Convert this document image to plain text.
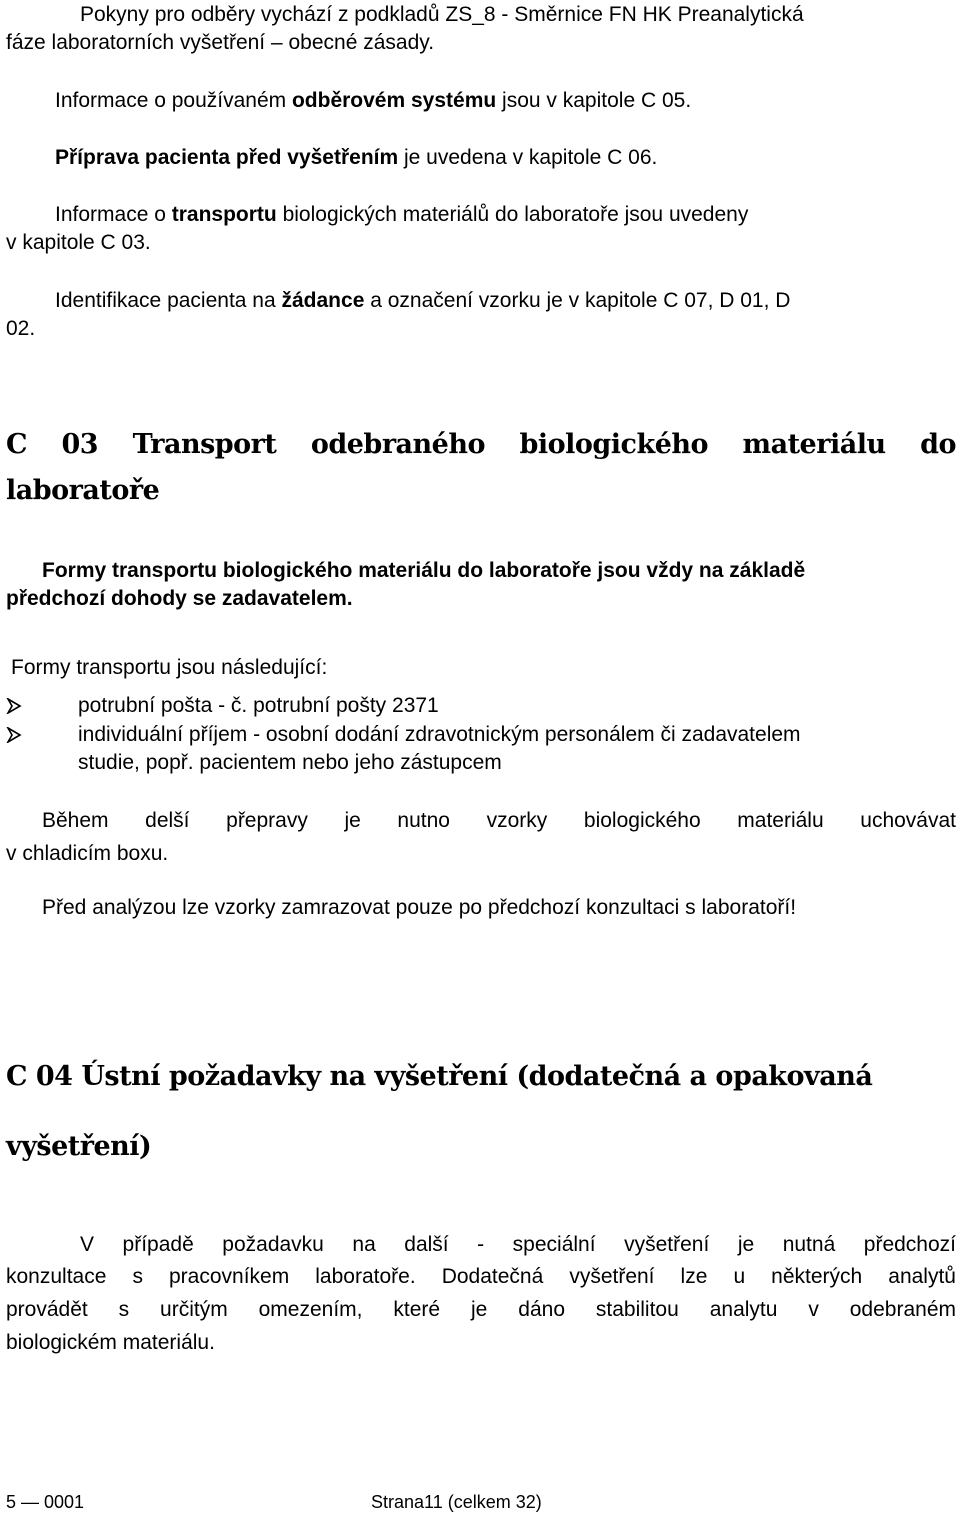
Pokyny pro odběry vychází z podkladů ZS_8 - Směrnice FN HK Preanalytická
fáze laboratorních vyšetření – obecné zásady.
Informace o používaném odběrovém systému jsou v kapitole C 05.
Příprava pacienta před vyšetřením je uvedena v kapitole C 06.
Informace o transportu biologických materiálů do laboratoře jsou uvedeny
v kapitole C 03.
Identifikace pacienta na žádance a označení vzorku je v kapitole C 07, D 01, D
02.
C 03 Transport odebraného biologického materiálu do
laboratoře
Formy transportu biologického materiálu do laboratoře jsou vždy na základě
předchozí dohody se zadavatelem.
Formy transportu jsou následující:
potrubní pošta - č. potrubní pošty 2371
individuální příjem - osobní dodání zdravotnickým personálem či zadavatelem
studie, popř. pacientem nebo jeho zástupcem
Během delší přepravy je nutno vzorky biologického materiálu uchovávat
v chladicím boxu.
Před analýzou lze vzorky zamrazovat pouze po předchozí konzultaci s laboratoří!
C 04 Ústní požadavky na vyšetření (dodatečná a opakovaná
vyšetření)
V případě požadavku na další - speciální vyšetření je nutná předchozí
konzultace s pracovníkem laboratoře. Dodatečná vyšetření lze u některých analytů
provádět s určitým omezením, které je dáno stabilitou analytu v odebraném
biologickém materiálu.
5 — 0001	Strana11 (celkem 32)
